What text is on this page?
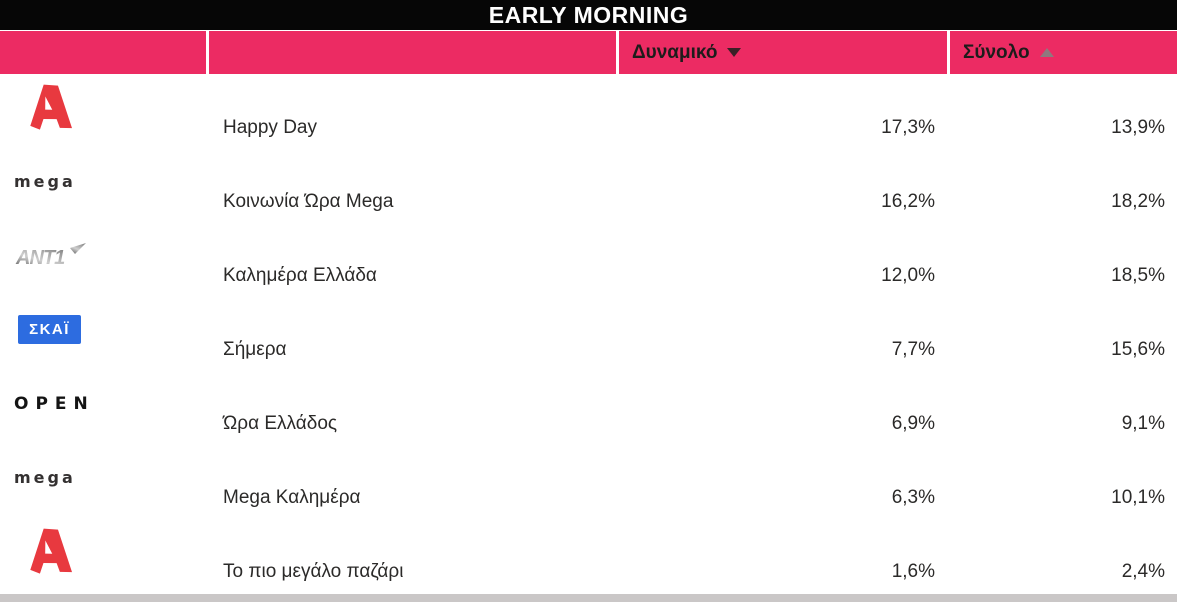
EARLY MORNING
Δυναμικό	Σύνολο
Happy Day	17,3%	13,9%
mega
Κοινωνία Ώρα Mega	16,2%	18,2%
ANT1
Καλημέρα Ελλάδα	12,0%	18,5%
ΣΚΑΪ
Σήμερα	7,7%	15,6%
OPEN
Ώρα Ελλάδος	6,9%	9,1%
mega
Mega Καλημέρα	6,3%	10,1%
Το πιο μεγάλο παζάρι	1,6%	2,4%
